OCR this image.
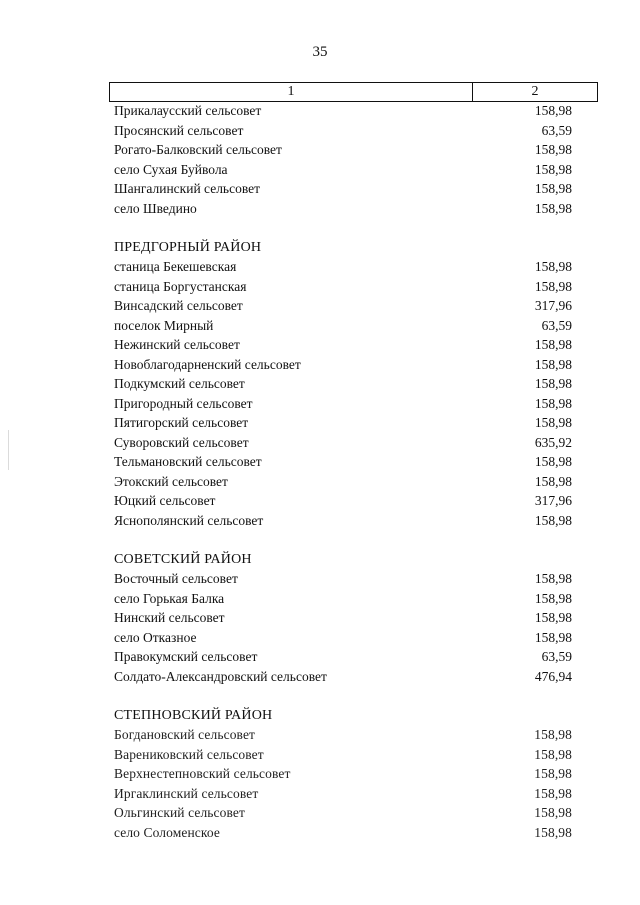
35
1	2
Прикалаусский сельсовет	158,98
Просянский сельсовет	63,59
Рогато-Балковский сельсовет	158,98
село Сухая Буйвола	158,98
Шангалинский сельсовет	158,98
село Шведино	158,98
ПРЕДГОРНЫЙ РАЙОН
станица Бекешевская	158,98
станица Боргустанская	158,98
Винсадский сельсовет	317,96
поселок Мирный	63,59
Нежинский сельсовет	158,98
Новоблагодарненский сельсовет	158,98
Подкумский сельсовет	158,98
Пригородный сельсовет	158,98
Пятигорский сельсовет	158,98
Суворовский сельсовет	635,92
Тельмановский сельсовет	158,98
Этокский сельсовет	158,98
Юцкий сельсовет	317,96
Яснополянский сельсовет	158,98
СОВЕТСКИЙ РАЙОН
Восточный сельсовет	158,98
село Горькая Балка	158,98
Нинский сельсовет	158,98
село Отказное	158,98
Правокумский сельсовет	63,59
Солдато-Александровский сельсовет	476,94
СТЕПНОВСКИЙ РАЙОН
Богдановский сельсовет	158,98
Варениковский сельсовет	158,98
Верхнестепновский сельсовет	158,98
Иргаклинский сельсовет	158,98
Ольгинский сельсовет	158,98
село Соломенское	158,98
